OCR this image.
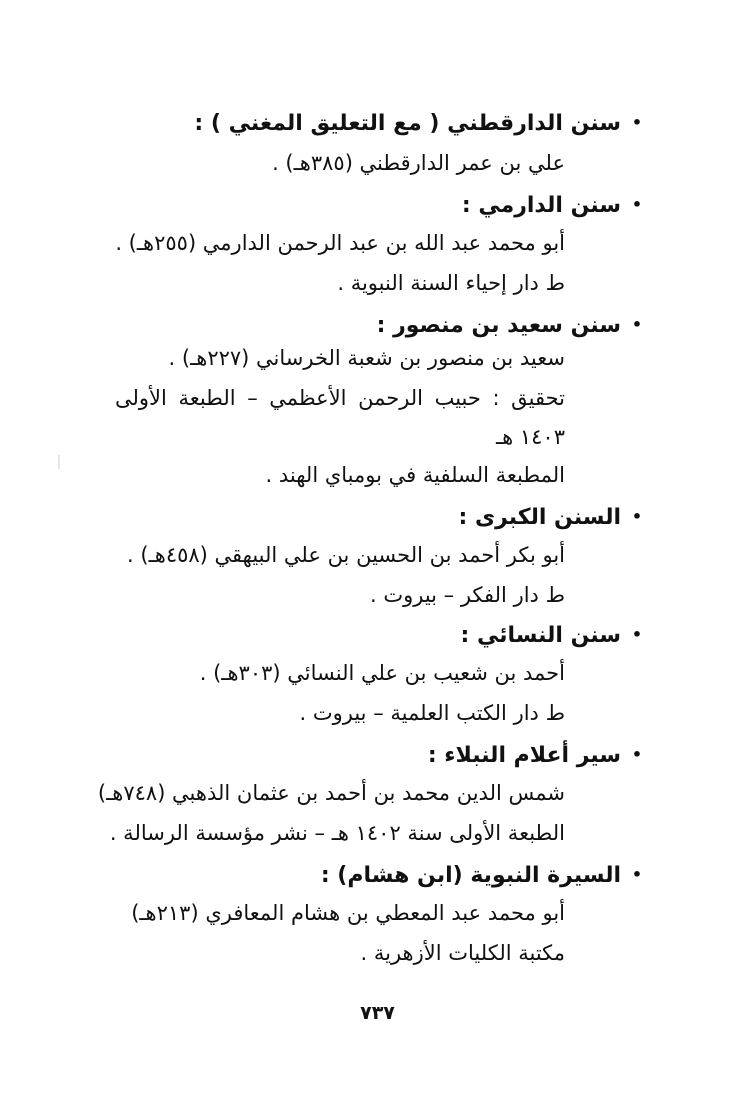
•سنن الدارقطني ( مع التعليق المغني ) :
علي بن عمر الدارقطني (٣٨٥هـ) .
•سنن الدارمي :
أبو محمد عبد الله بن عبد الرحمن الدارمي (٢٥٥هـ) .
ط دار إحياء السنة النبوية .
•سنن سعيد بن منصور :
سعيد بن منصور بن شعبة الخرساني (٢٢٧هـ) .
تحقيق : حبيب الرحمن الأعظمي – الطبعة الأولى
١٤٠٣ هـ
المطبعة السلفية في بومباي الهند .
•السنن الكبرى :
أبو بكر أحمد بن الحسين بن علي البيهقي (٤٥٨هـ) .
ط دار الفكر – بيروت .
•سنن النسائي :
أحمد بن شعيب بن علي النسائي (٣٠٣هـ) .
ط دار الكتب العلمية – بيروت .
•سير أعلام النبلاء :
شمس الدين محمد بن أحمد بن عثمان الذهبي (٧٤٨هـ)
الطبعة الأولى سنة ١٤٠٢ هـ – نشر مؤسسة الرسالة .
•السيرة النبوية (ابن هشام) :
أبو محمد عبد المعطي بن هشام المعافري (٢١٣هـ)
مكتبة الكليات الأزهرية .
٧٣٧
